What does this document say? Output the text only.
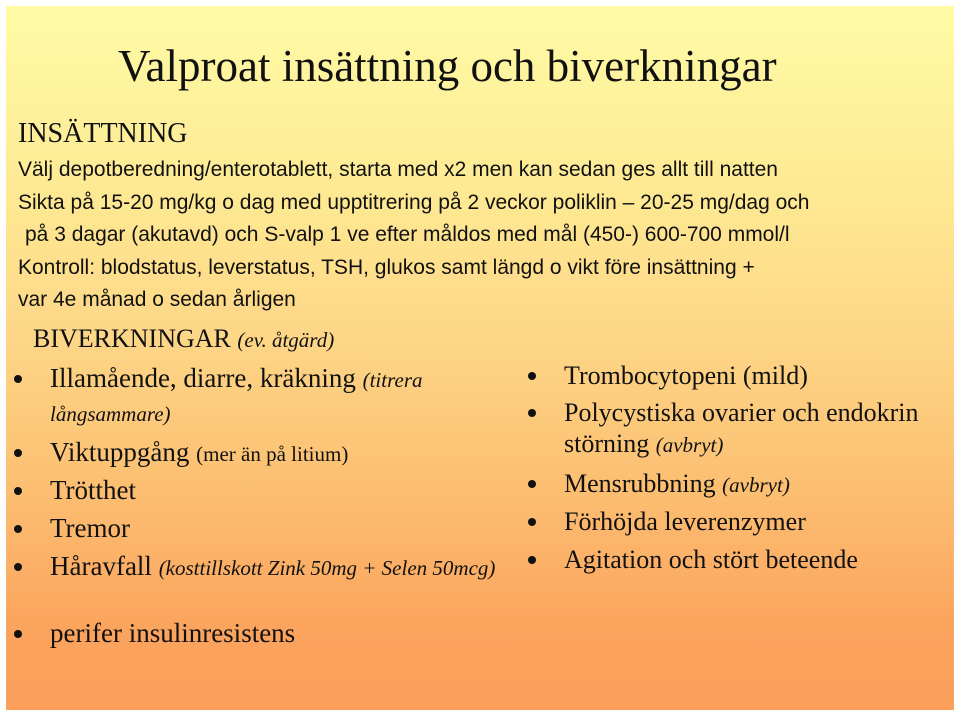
Valproat insättning och biverkningar
INSÄTTNING
Välj depotberedning/enterotablett, starta med x2 men kan sedan ges allt till natten
Sikta på 15-20 mg/kg o dag med upptitrering på 2 veckor poliklin – 20-25 mg/dag och
på 3 dagar (akutavd) och S-valp 1 ve efter måldos med mål (450-) 600-700 mmol/l
Kontroll: blodstatus, leverstatus, TSH, glukos samt längd o vikt före insättning +
var 4e månad o sedan årligen
BIVERKNINGAR (ev. åtgärd)
Illamående, diarre, kräkning (titrera långsammare)
Viktuppgång (mer än på litium)
Trötthet
Tremor
Håravfall (kosttillskott Zink 50mg + Selen 50mcg)
perifer insulinresistens
Trombocytopeni (mild)
Polycystiska ovarier och endokrin störning (avbryt)
Mensrubbning (avbryt)
Förhöjda leverenzymer
Agitation och stört beteende
